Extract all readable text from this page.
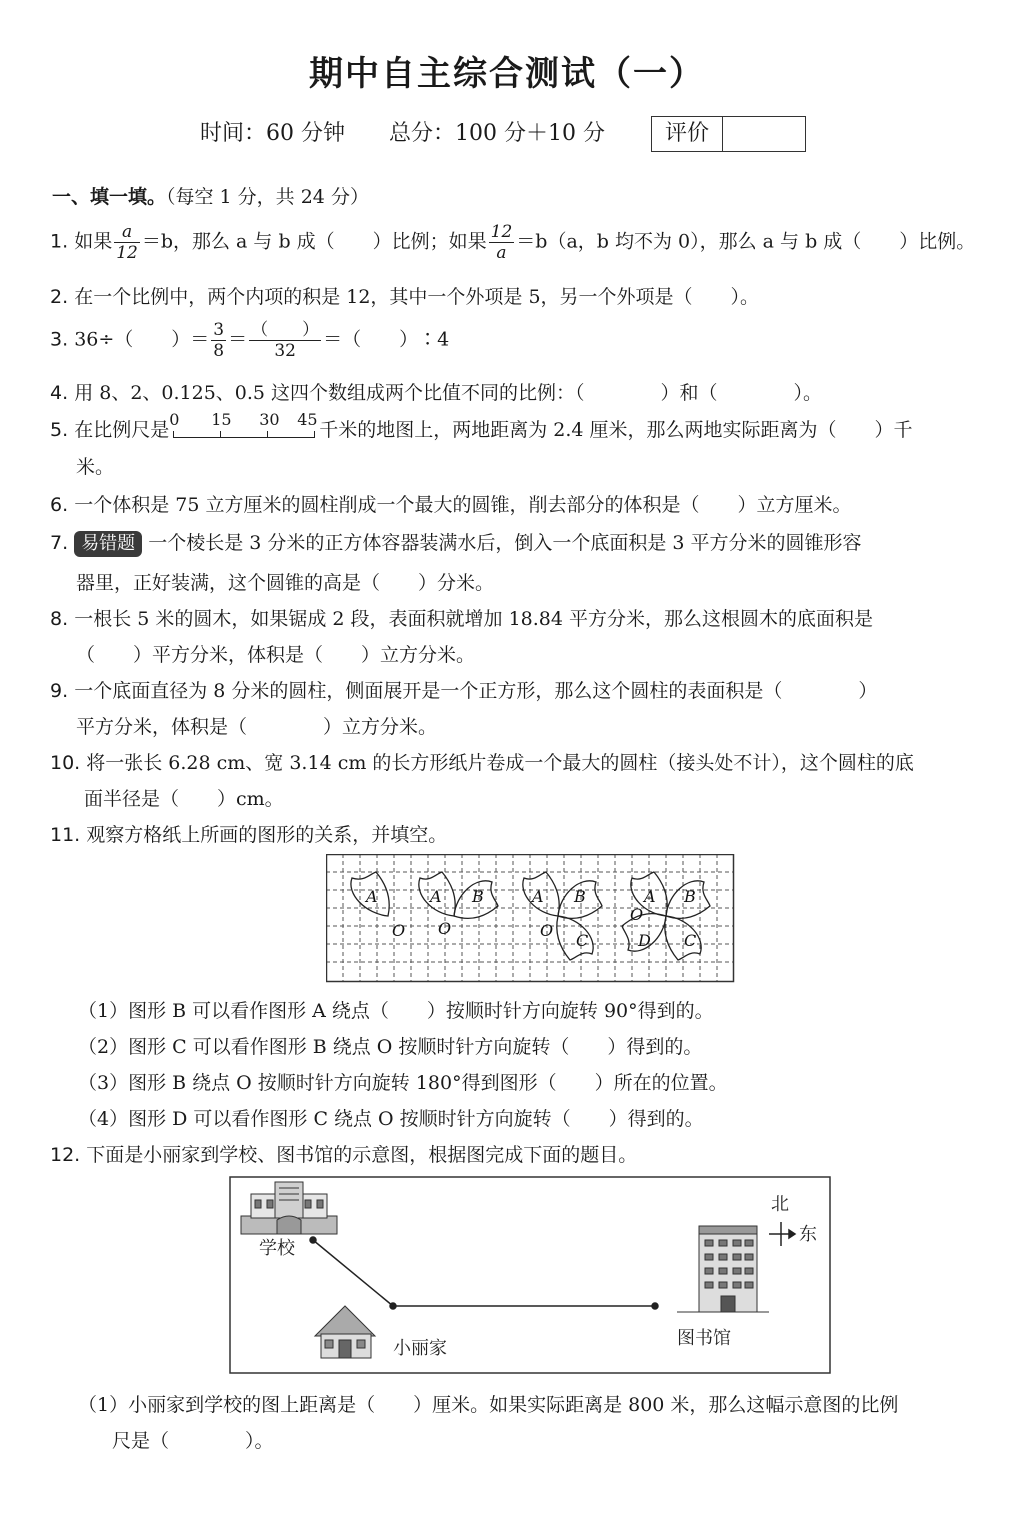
期中自主综合测试（一）
时间：60 分钟 总分：100 分＋10 分	评价
一、填一填。（每空 1 分，共 24 分）
1. 如果 $\frac{a}{12} =b$，那么 a 与 b 成（　　）比例；如果 $\frac{12}{a} =b(a$，b 均不为 0），那么 a 与 b 成（　　）比例。
2. 在一个比例中，两个内项的积是 12，其中一个外项是 5，另一个外项是（　　）。
3. 36÷（　　）＝ $\frac{3}{8} = \frac{( )}{32}$ ＝（　　）∶4
4. 用 8、2、0.125、0.5 这四个数组成两个比值不同的比例：（　　　　）和（　　　　）。
5. 在比例尺是 0 15 30 45 千米的地图上，两地距离为 2.4 厘米，那么两地实际距离为（　　）千
米。
6. 一个体积是 75 立方厘米的圆柱削成一个最大的圆锥，削去部分的体积是（　　）立方厘米。
7. 易错题 一个棱长是 3 分米的正方体容器装满水后，倒入一个底面积是 3 平方分米的圆锥形容
器里，正好装满，这个圆锥的高是（　　）分米。
8. 一根长 5 米的圆木，如果锯成 2 段，表面积就增加 18.84 平方分米，那么这根圆木的底面积是
（　　）平方分米，体积是（　　）立方分米。
9. 一个底面直径为 8 分米的圆柱，侧面展开是一个正方形，那么这个圆柱的表面积是（　　　　）
平方分米，体积是（　　　　）立方分米。
10. 将一张长 6.28 cm、宽 3.14 cm 的长方形纸片卷成一个最大的圆柱（接头处不计），这个圆柱的底
面半径是（　　）cm。
11. 观察方格纸上所画的图形的关系，并填空。
A
O
A B
O
A B
O
C
A B
O
D C
（1）图形 B 可以看作图形 A 绕点（　　）按顺时针方向旋转 90°得到的。
（2）图形 C 可以看作图形 B 绕点 O 按顺时针方向旋转（　　）得到的。
（3）图形 B 绕点 O 按顺时针方向旋转 180°得到图形（　　）所在的位置。
（4）图形 D 可以看作图形 C 绕点 O 按顺时针方向旋转（　　）得到的。
12. 下面是小丽家到学校、图书馆的示意图，根据图完成下面的题目。
学校
小丽家	图书馆
北
东
（1）小丽家到学校的图上距离是（　　）厘米。如果实际距离是 800 米，那么这幅示意图的比例
尺是（　　　　）。
